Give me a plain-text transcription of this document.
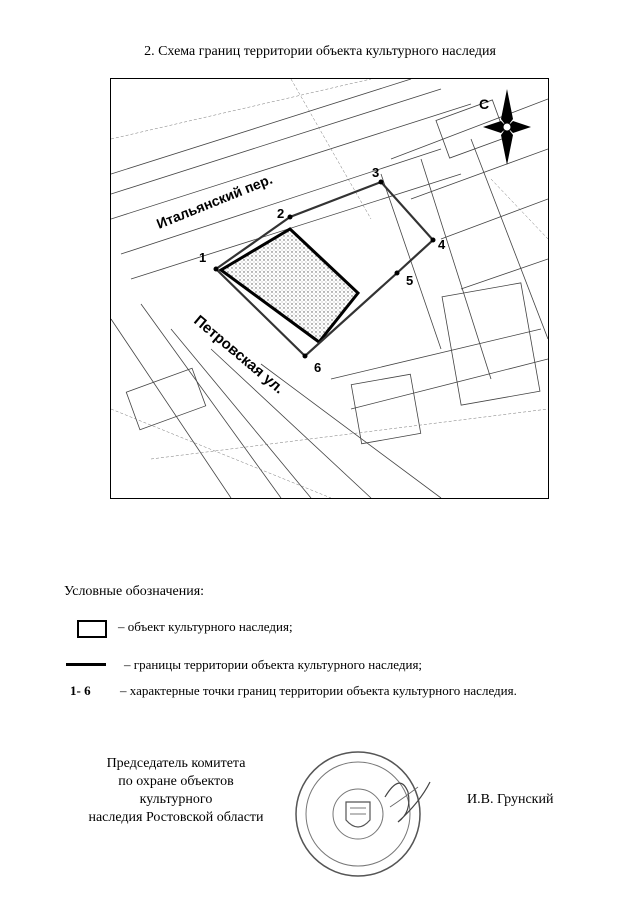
2. Схема границ территории объекта культурного наследия
1
2
3
4
5
6
Итальянский пер.
Петровская ул.
С
Условные обозначения:
– объект культурного наследия;
– границы территории объекта культурного наследия;
1- 6 – характерные точки границ территории объекта культурного наследия.
Председатель комитета
по охране объектов культурного
наследия Ростовской области
И.В. Грунский
